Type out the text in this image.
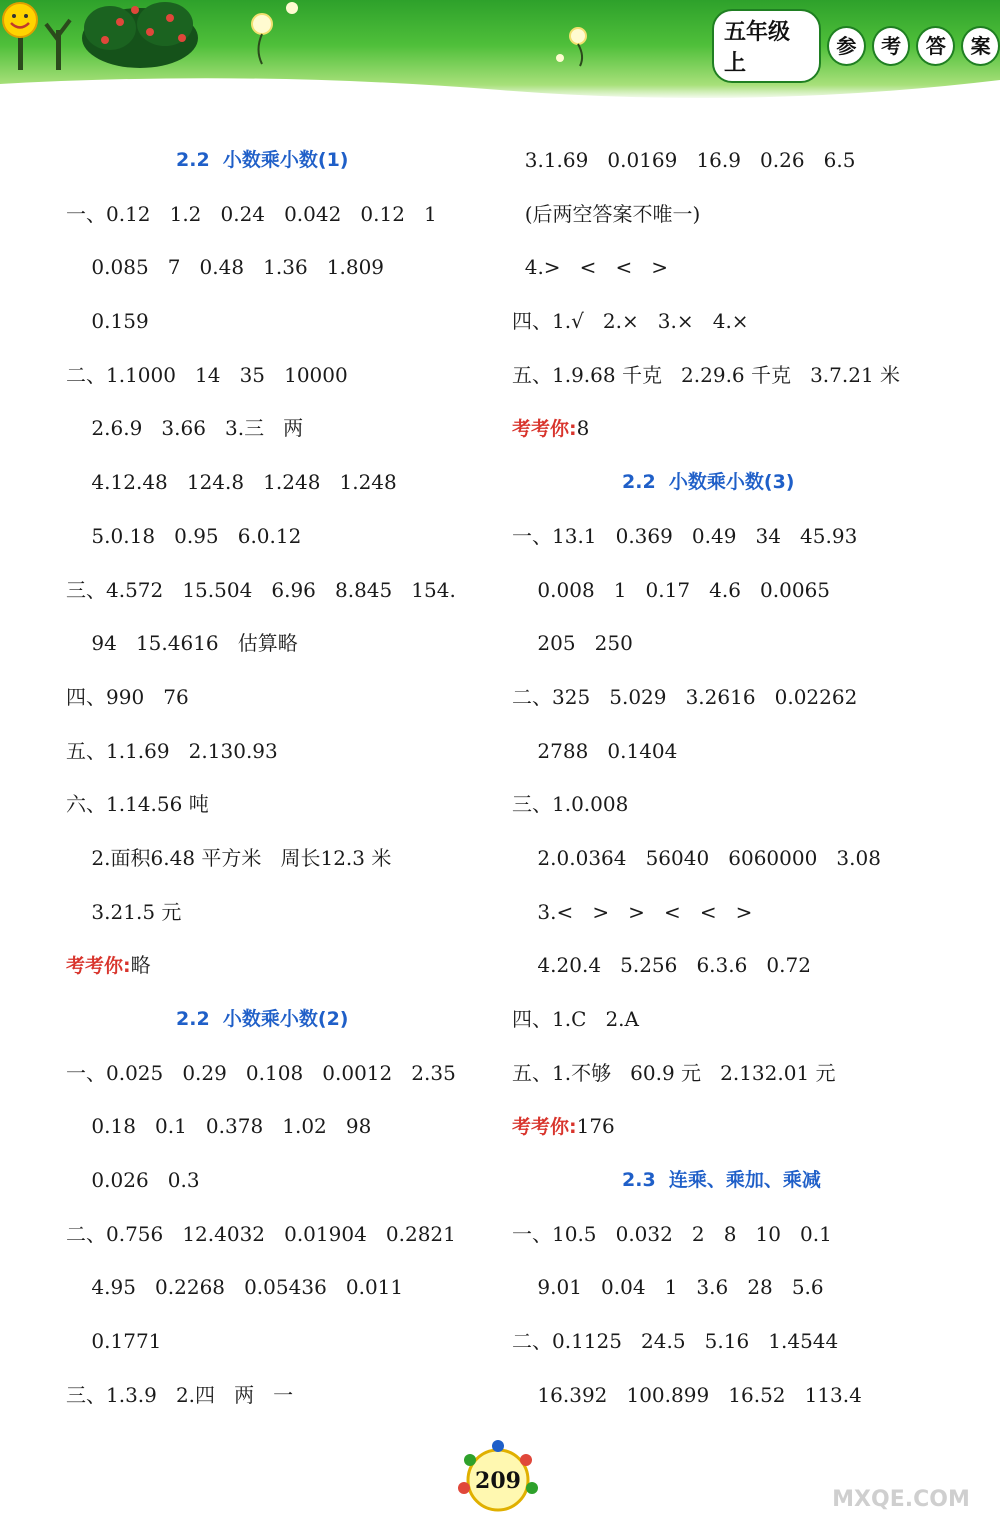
五年级上
参	考	答	案
2.2  小数乘小数(1)
一、0.12   1.2   0.24   0.042   0.12   1
0.085   7   0.48   1.36   1.809
0.159
二、1.1000   14   35   10000
2.6.9   3.66   3.三   两
4.12.48   124.8   1.248   1.248
5.0.18   0.95   6.0.12
三、4.572   15.504   6.96   8.845   154.
94   15.4616   估算略
四、990   76
五、1.1.69   2.130.93
六、1.14.56 吨
2.面积6.48 平方米   周长12.3 米
3.21.5 元
考考你:略
2.2  小数乘小数(2)
一、0.025   0.29   0.108   0.0012   2.35
0.18   0.1   0.378   1.02   98
0.026   0.3
二、0.756   12.4032   0.01904   0.2821
4.95   0.2268   0.05436   0.011
0.1771
三、1.3.9   2.四   两   一
3.1.69   0.0169   16.9   0.26   6.5
(后两空答案不唯一)
4.>   <   <   >
四、1.√   2.×   3.×   4.×
五、1.9.68 千克   2.29.6 千克   3.7.21 米
考考你:8
2.2  小数乘小数(3)
一、13.1   0.369   0.49   34   45.93
0.008   1   0.17   4.6   0.0065
205   250
二、325   5.029   3.2616   0.02262
2788   0.1404
三、1.0.008
2.0.0364   56040   6060000   3.08
3.<   >   >   <   <   >
4.20.4   5.256   6.3.6   0.72
四、1.C   2.A
五、1.不够   60.9 元   2.132.01 元
考考你:176
2.3  连乘、乘加、乘减
一、10.5   0.032   2   8   10   0.1
9.01   0.04   1   3.6   28   5.6
二、0.1125   24.5   5.16   1.4544
16.392   100.899   16.52   113.4
209
MXQE.COM
